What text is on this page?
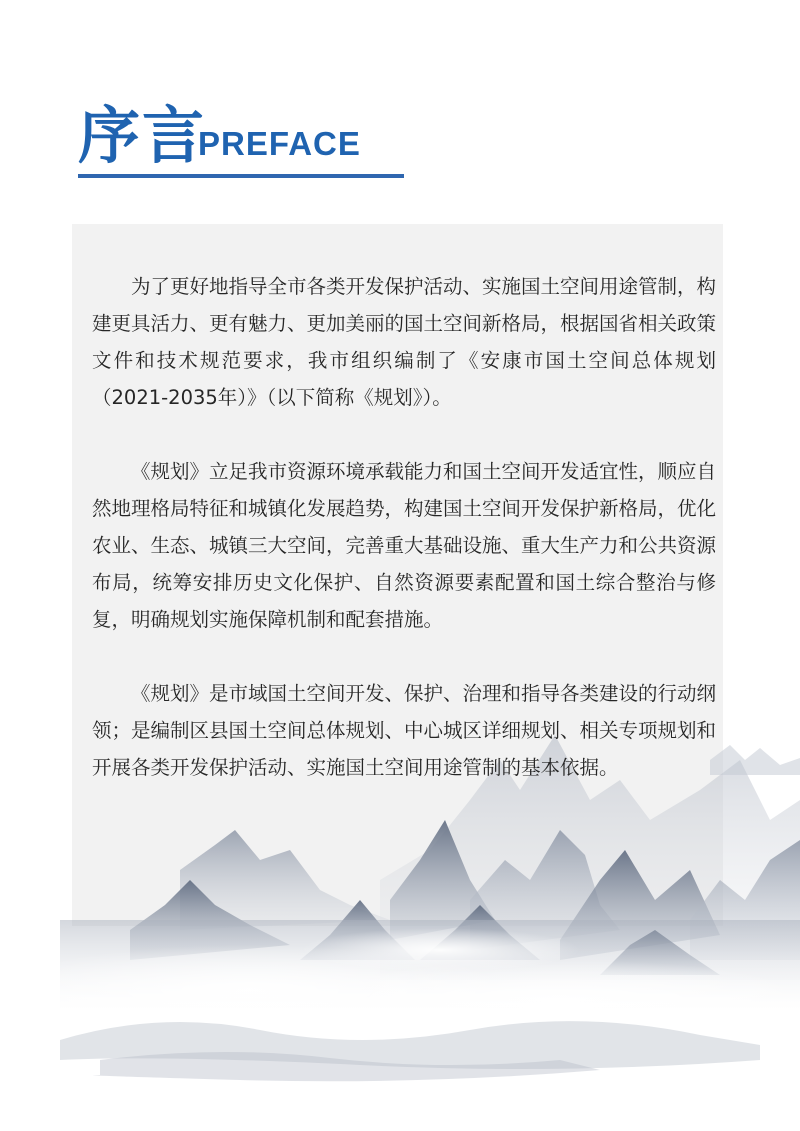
序言
PREFACE

为了更好地指导全市各类开发保护活动、实施国土空间用途管制，构建更具活力、更有魅力、更加美丽的国土空间新格局，根据国省相关政策文件和技术规范要求，我市组织编制了《安康市国土空间总体规划（2021-2035年）》（以下简称《规划》）。

《规划》立足我市资源环境承载能力和国土空间开发适宜性，顺应自然地理格局特征和城镇化发展趋势，构建国土空间开发保护新格局，优化农业、生态、城镇三大空间，完善重大基础设施、重大生产力和公共资源布局，统筹安排历史文化保护、自然资源要素配置和国土综合整治与修复，明确规划实施保障机制和配套措施。

《规划》是市域国土空间开发、保护、治理和指导各类建设的行动纲领；是编制区县国土空间总体规划、中心城区详细规划、相关专项规划和开展各类开发保护活动、实施国土空间用途管制的基本依据。
